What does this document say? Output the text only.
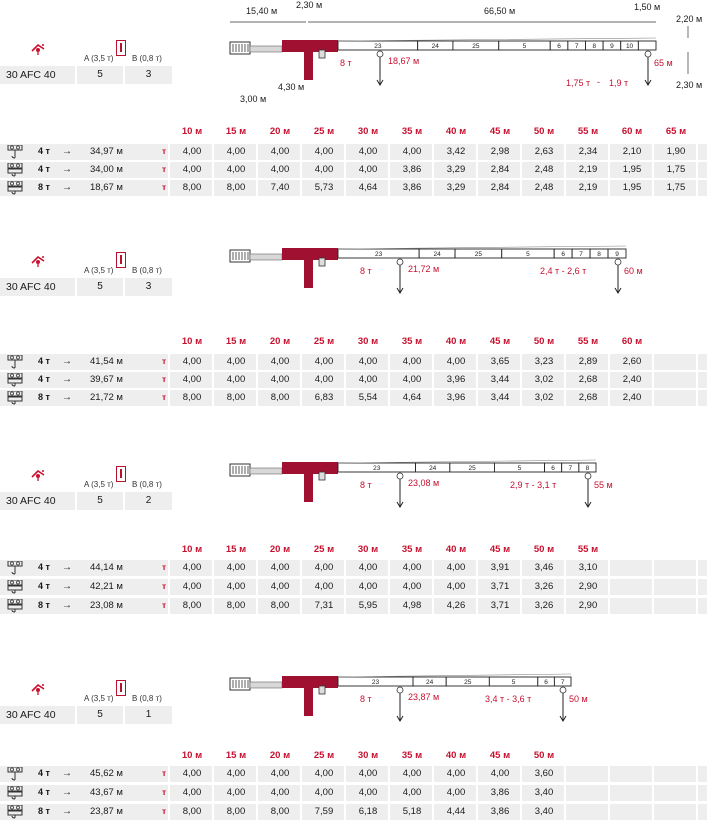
A (3,5 т) B (0,8 т)
30 AFC 40	5	3
23	24	25	5	6 7 8 9 10
8 т	18,67 м	65 м
15,40 м
2,30 м
66,50 м	1,50 м
2,20 м
3,00 м
4,30 м	2,30 м
1,75 т - 1,9 т
10 м	15 м	20 м	25 м	30 м	35 м	40 м	45 м	50 м	55 м	60 м	65 м
4 т → 34,97 м	т	4,00	4,00	4,00	4,00	4,00	4,00	3,42	2,98	2,63	2,34	2,10	1,90
4 т → 34,00 м	т	4,00	4,00	4,00	4,00	4,00	3,86	3,29	2,84	2,48	2,19	1,95	1,75
8 т → 18,67 м	т	8,00	8,00	7,40	5,73	4,64	3,86	3,29	2,84	2,48	2,19	1,95	1,75
A (3,5 т) B (0,8 т)
30 AFC 40	5	3
23	24	25	5	6 7 8 9
8 т	21,72 м	2,4 т - 2,6 т	60 м
10 м	15 м	20 м	25 м	30 м	35 м	40 м	45 м	50 м	55 м	60 м
4 т → 41,54 м	т	4,00	4,00	4,00	4,00	4,00	4,00	4,00	3,65	3,23	2,89	2,60
4 т → 39,67 м	т	4,00	4,00	4,00	4,00	4,00	4,00	3,96	3,44	3,02	2,68	2,40
8 т → 21,72 м	т	8,00	8,00	8,00	6,83	5,54	4,64	3,96	3,44	3,02	2,68	2,40
A (3,5 т) B (0,8 т)
30 AFC 40	5	2
23	24	25	5	6 7 8
8 т	23,08 м	2,9 т - 3,1 т	55 м
10 м	15 м	20 м	25 м	30 м	35 м	40 м	45 м	50 м	55 м
4 т → 44,14 м	т	4,00	4,00	4,00	4,00	4,00	4,00	4,00	3,91	3,46	3,10
4 т → 42,21 м	т	4,00	4,00	4,00	4,00	4,00	4,00	4,00	3,71	3,26	2,90
8 т → 23,08 м	т	8,00	8,00	8,00	7,31	5,95	4,98	4,26	3,71	3,26	2,90
A (3,5 т) B (0,8 т)
30 AFC 40	5	1
23	24	25	5	6 7
8 т	23,87 м	3,4 т - 3,6 т	50 м
10 м	15 м	20 м	25 м	30 м	35 м	40 м	45 м	50 м
4 т → 45,62 м	т	4,00	4,00	4,00	4,00	4,00	4,00	4,00	4,00	3,60
4 т → 43,67 м	т	4,00	4,00	4,00	4,00	4,00	4,00	4,00	3,86	3,40
8 т → 23,87 м	т	8,00	8,00	8,00	7,59	6,18	5,18	4,44	3,86	3,40
